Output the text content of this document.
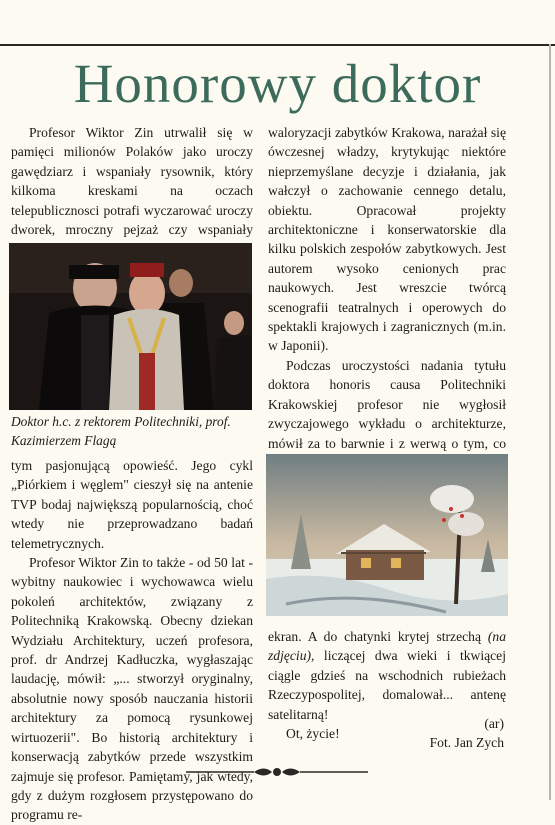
Honorowy doktor

Profesor Wiktor Zin utrwalił się w pamięci milionów Polaków jako uroczy gawędziarz i wspaniały rysownik, który kilkoma kreskami na oczach telepublicznosci potrafi wyczarować uroczy dworek, mroczny pejzaż czy wspaniały

Doktor h.c. z rektorem Politechniki, prof. Kazimierzem Flagą

tym pasjonującą opowieść. Jego cykl „Piórkiem i węglem" cieszył się na antenie TVP bodaj największą popularnością, choć wtedy nie przeprowadzano badań telemetrycznych.

Profesor Wiktor Zin to także - od 50 lat - wybitny naukowiec i wychowawca wielu pokoleń architektów, związany z Politechniką Krakowską. Obecny dziekan Wydziału Architektury, uczeń profesora, prof. dr Andrzej Kadłuczka, wygłaszając laudację, mówił: „... stworzył oryginalny, absolutnie nowy sposób nauczania historii architektury za pomocą rysunkowej wirtuozerii". Bo historią architektury i konserwacją zabytków przede wszystkim zajmuje się profesor. Pamiętamy, jak wtedy, gdy z dużym rozgłosem przystępowano do programu re-

waloryzacji zabytków Krakowa, narażał się ówczesnej władzy, krytykując niektóre nieprzemyślane decyzje i działania, jak wałczył o zachowanie cennego detalu, obiektu. Opracował projekty architektoniczne i konserwatorskie dla kilku polskich zespołów zabytkowych. Jest autorem wysoko cenionych prac naukowych. Jest wreszcie twórcą scenografii teatralnych i operowych do spektakli krajowych i zagranicznych (m.in. w Japonii).

Podczas uroczystości nadania tytułu doktora honoris causa Politechniki Krakowskiej profesor nie wygłosił zwyczajowego wykładu o architekturze, mówił za to barwnie i z werwą o tym, co

ekran. A do chatynki krytej strzechą (na zdjęciu), liczącej dwa wieki i tkwiącej ciągle gdzieś na wschodnich rubieżach Rzeczypospolitej, domalował... antenę satelitarną!

Ot, życie!

(ar)
Fot. Jan Zych
